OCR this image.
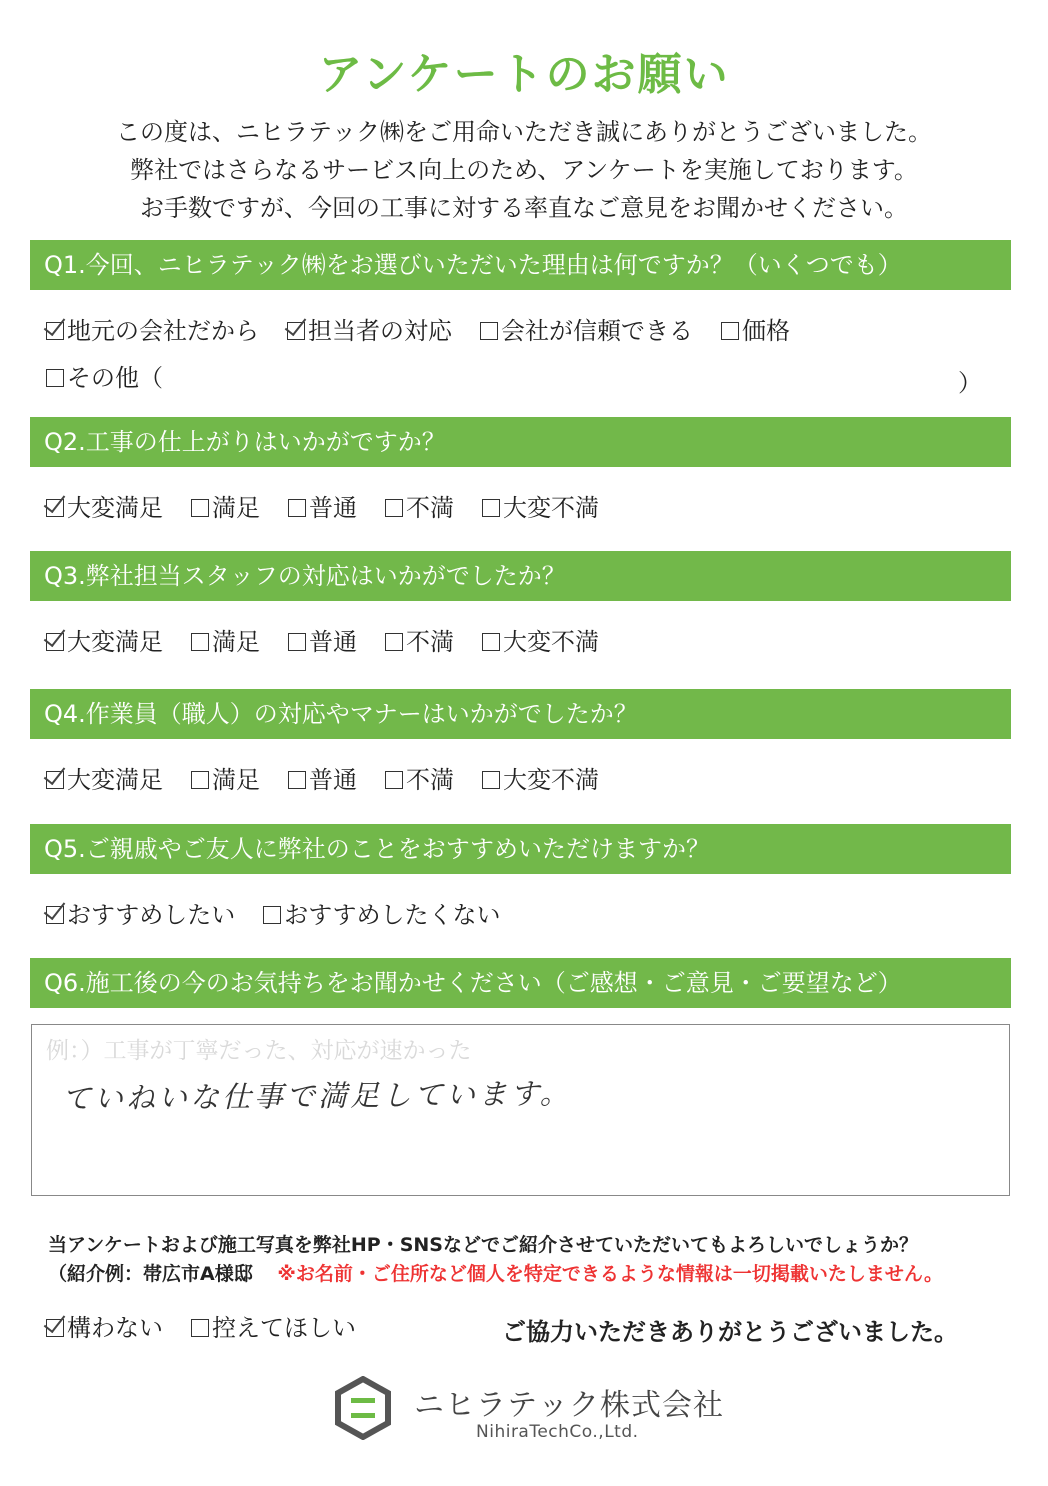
アンケートのお願い
この度は、ニヒラテック㈱をご用命いただき誠にありがとうございました。
弊社ではさらなるサービス向上のため、アンケートを実施しております。
お手数ですが、今回の工事に対する率直なご意見をお聞かせください。
Q1.今回、ニヒラテック㈱をお選びいただいた理由は何ですか？（いくつでも）
地元の会社だから 担当者の対応 会社が信頼できる 価格
その他（	）
Q2.工事の仕上がりはいかがですか？
大変満足 満足 普通 不満 大変不満
Q3.弊社担当スタッフの対応はいかがでしたか？
大変満足 満足 普通 不満 大変不満
Q4.作業員（職人）の対応やマナーはいかがでしたか？
大変満足 満足 普通 不満 大変不満
Q5.ご親戚やご友人に弊社のことをおすすめいただけますか？
おすすめしたい おすすめしたくない
Q6.施工後の今のお気持ちをお聞かせください（ご感想・ご意見・ご要望など）
例：）工事が丁寧だった、対応が速かった
ていねいな仕事で満足しています。
当アンケートおよび施工写真を弊社HP・SNSなどでご紹介させていただいてもよろしいでしょうか？
（紹介例：帯広市A様邸 ※お名前・ご住所など個人を特定できるような情報は一切掲載いたしません。
構わない 控えてほしい	ご協力いただきありがとうございました。
ニヒラテック株式会社
NihiraTechCo.,Ltd.
